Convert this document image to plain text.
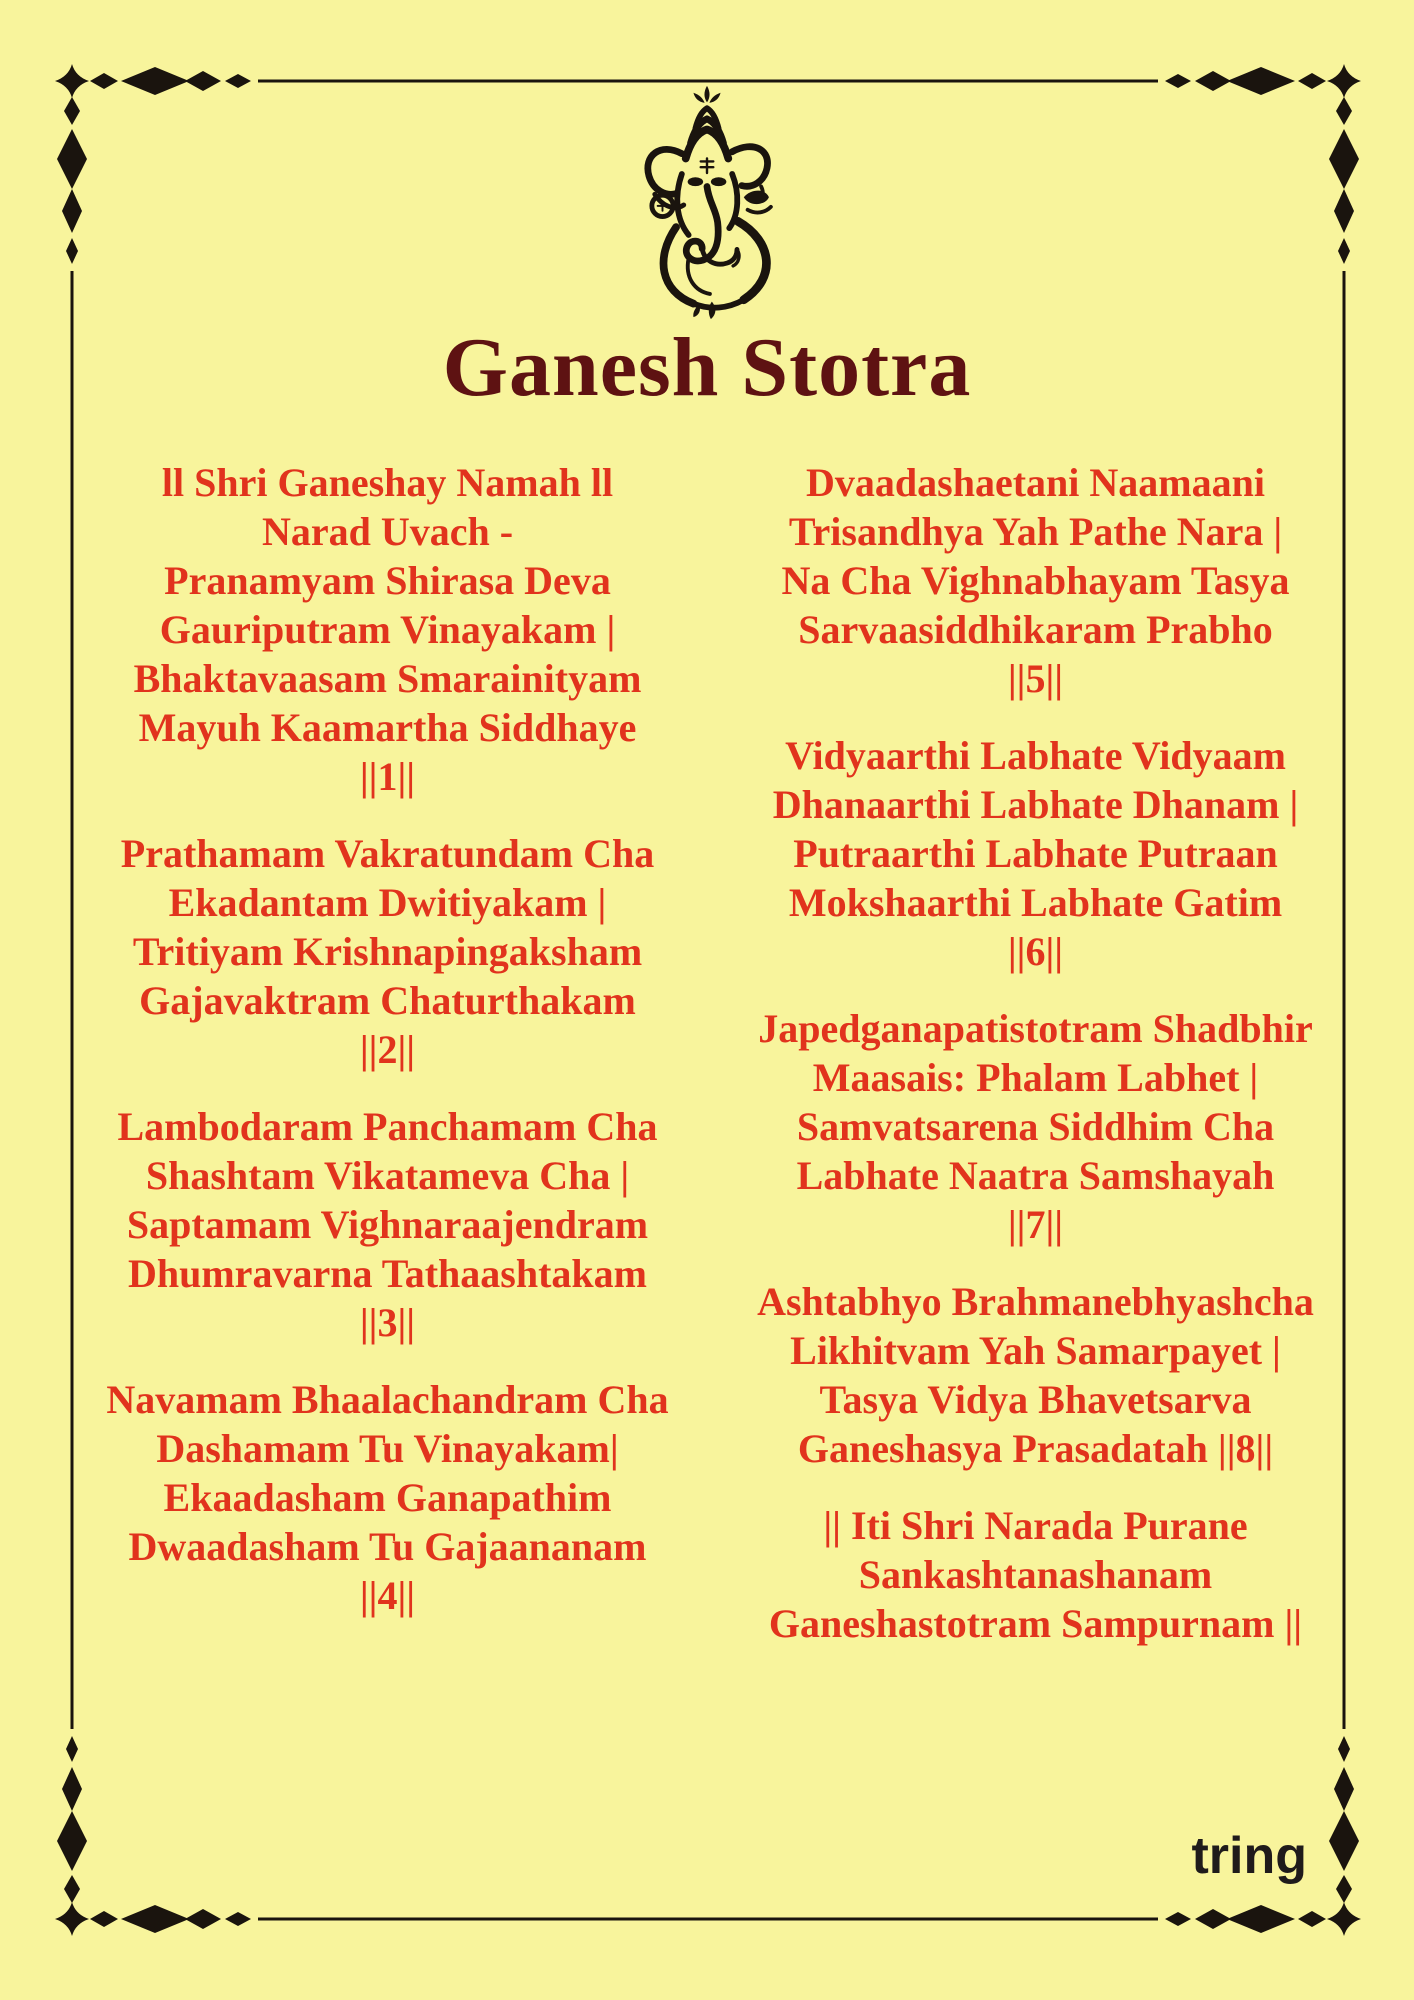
Ganesh Stotra

ll Shri Ganeshay Namah ll
Narad Uvach -
Pranamyam Shirasa Deva
Gauriputram Vinayakam |
Bhaktavaasam Smarainityam
Mayuh Kaamartha Siddhaye
||1||

Prathamam Vakratundam Cha
Ekadantam Dwitiyakam |
Tritiyam Krishnapingaksham
Gajavaktram Chaturthakam
||2||

Lambodaram Panchamam Cha
Shashtam Vikatameva Cha |
Saptamam Vighnaraajendram
Dhumravarna Tathaashtakam
||3||

Navamam Bhaalachandram Cha
Dashamam Tu Vinayakam|
Ekaadasham Ganapathim
Dwaadasham Tu Gajaananam
||4||

Dvaadashaetani Naamaani
Trisandhya Yah Pathe Nara |
Na Cha Vighnabhayam Tasya
Sarvaasiddhikaram Prabho
||5||

Vidyaarthi Labhate Vidyaam
Dhanaarthi Labhate Dhanam |
Putraarthi Labhate Putraan
Mokshaarthi Labhate Gatim
||6||

Japedganapatistotram Shadbhir
Maasais: Phalam Labhet |
Samvatsarena Siddhim Cha
Labhate Naatra Samshayah
||7||

Ashtabhyo Brahmanebhyashcha
Likhitvam Yah Samarpayet |
Tasya Vidya Bhavetsarva
Ganeshasya Prasadatah ||8||

|| Iti Shri Narada Purane
Sankashtanashanam
Ganeshastotram Sampurnam ||

tring
